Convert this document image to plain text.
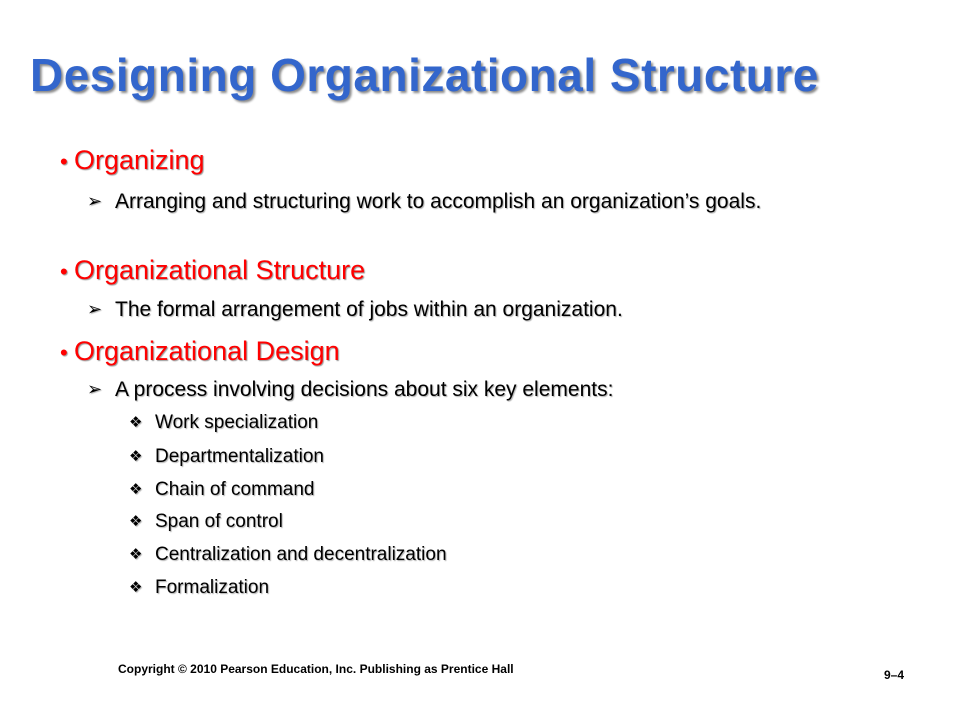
Designing Organizational Structure
• Organizing
➢ Arranging and structuring work to accomplish an organization’s goals.
• Organizational Structure
➢ The formal arrangement of jobs within an organization.
• Organizational Design
➢ A process involving decisions about six key elements:
❖ Work specialization
❖ Departmentalization
❖ Chain of command
❖ Span of control
❖ Centralization and decentralization
❖ Formalization
Copyright © 2010 Pearson Education, Inc. Publishing as Prentice Hall	9–4
